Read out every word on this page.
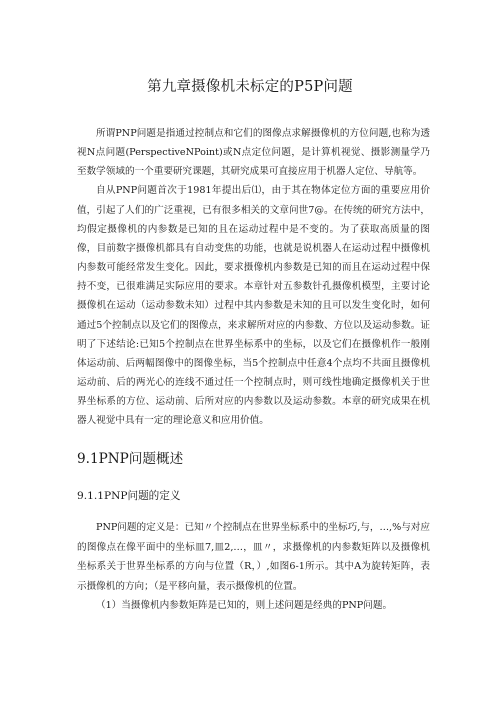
第九章摄像机未标定的P5P问题

所谓PNP问题是指通过控制点和它们的图像点求解摄像机的方位问题,也称为透视N点问题(PerspectiveNPoint)或N点定位问题，是计算机视觉、摄影测量学乃至数学领域的一个重要研究课题，其研究成果可直接应用于机器人定位、导航等。

自从PNP问题首次于1981年提出后⑴，由于其在物体定位方面的重要应用价值，引起了人们的广泛重视，已有很多相关的文章问世7@。在传统的研究方法中，均假定摄像机的内参数是已知的且在运动过程中是不变的。为了获取高质量的图像，目前数字摄像机都具有自动变焦的功能，也就是说机器人在运动过程中摄像机内参数可能经常发生变化。因此，要求摄像机内参数是已知的而且在运动过程中保持不变，已很难满足实际应用的要求。本章针对五参数针孔摄像机模型，主要讨论摄像机在运动（运动参数未知）过程中其内参数是未知的且可以发生变化时，如何通过5个控制点以及它们的图像点，来求解所对应的内参数、方位以及运动参数。证明了下述结论:已知5个控制点在世界坐标系中的坐标，以及它们在摄像机作一般刚体运动前、后两幅图像中的图像坐标，当5个控制点中任意4个点均不共面且摄像机运动前、后的两光心的连线不通过任一个控制点时，则可线性地确定摄像机关于世界坐标系的方位、运动前、后所对应的内参数以及运动参数。本章的研究成果在机器人视觉中具有一定的理论意义和应用价值。

9.1PNP问题概述
9.1.1PNP问题的定义

PNP问题的定义是：已知〃个控制点在世界坐标系中的坐标巧,与，…,%与对应的图像点在像平面中的坐标皿7,皿2,…，皿〃，求摄像机的内参数矩阵以及摄像机坐标系关于世界坐标系的方向与位置（R，）,如图6-1所示。其中A为旋转矩阵，表示摄像机的方向；（是平移向量，表示摄像机的位置。

（1）当摄像机内参数矩阵是已知的，则上述问题是经典的PNP问题。
